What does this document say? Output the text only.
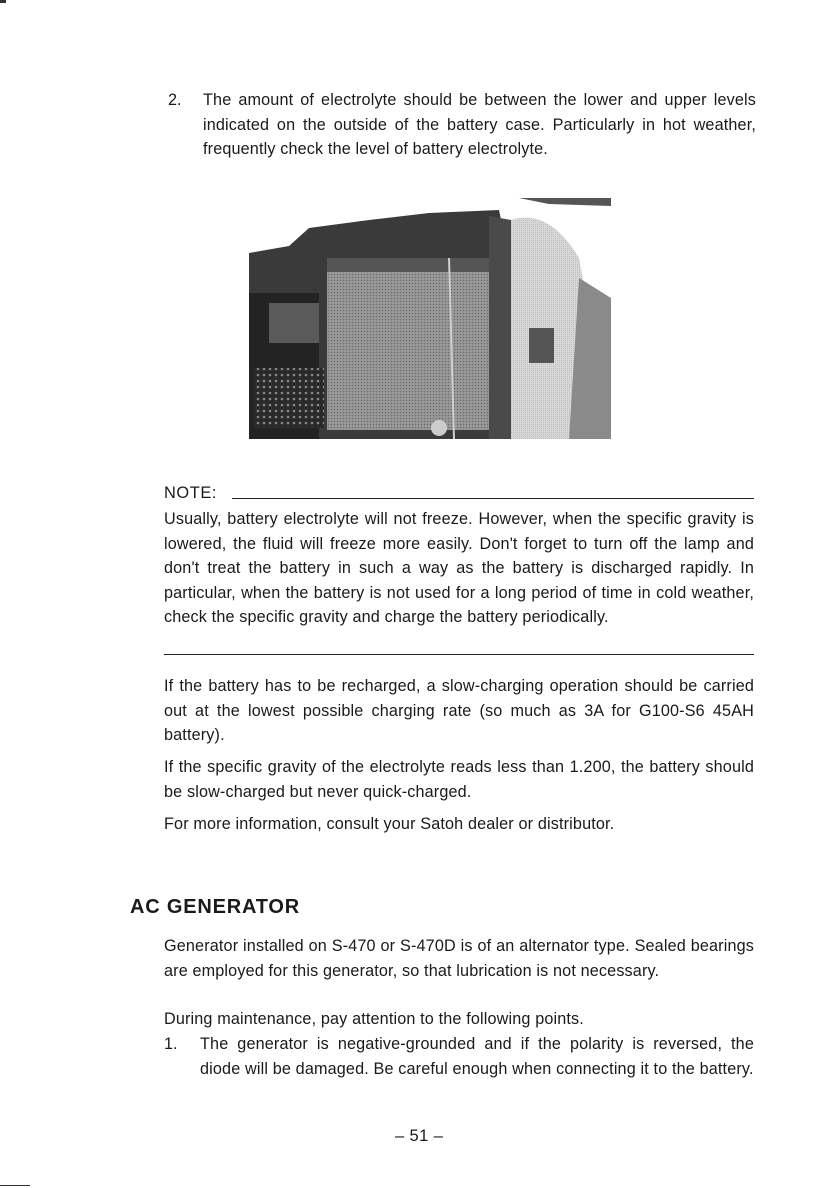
2. The amount of electrolyte should be between the lower and upper levels indicated on the outside of the battery case. Particularly in hot weather, frequently check the level of battery electrolyte.
NOTE:
Usually, battery electrolyte will not freeze. However, when the specific gravity is lowered, the fluid will freeze more easily. Don't forget to turn off the lamp and don't treat the battery in such a way as the battery is discharged rapidly. In particular, when the battery is not used for a long period of time in cold weather, check the specific gravity and charge the battery periodically.
If the battery has to be recharged, a slow-charging operation should be carried out at the lowest possible charging rate (so much as 3A for G100-S6 45AH battery).
If the specific gravity of the electrolyte reads less than 1.200, the battery should be slow-charged but never quick-charged.
For more information, consult your Satoh dealer or distributor.
AC GENERATOR
Generator installed on S-470 or S-470D is of an alternator type. Sealed bearings are employed for this generator, so that lubrication is not necessary.
During maintenance, pay attention to the following points.
1. The generator is negative-grounded and if the polarity is reversed, the diode will be damaged. Be careful enough when connecting it to the battery.
– 51 –
